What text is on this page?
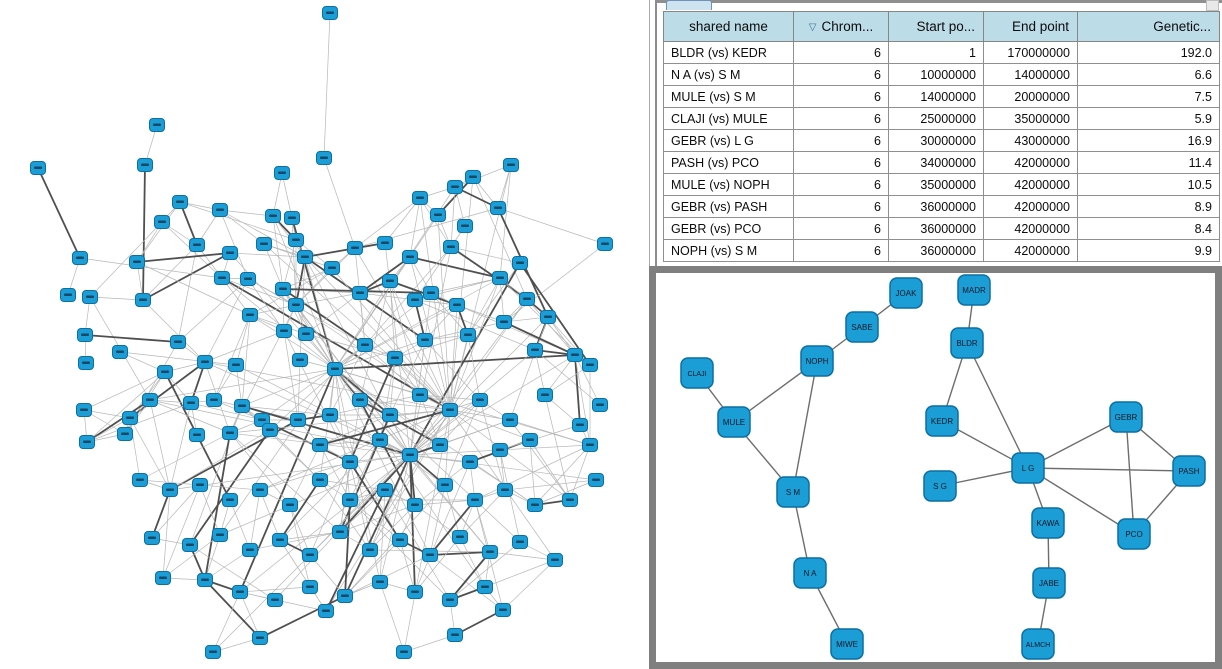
shared name	▽ Chrom...	Start po...	End point	Genetic...
BLDR (vs) KEDR	6	1	170000000	192.0
N A (vs) S M	6	10000000	14000000	6.6
MULE (vs) S M	6	14000000	20000000	7.5
CLAJI (vs) MULE	6	25000000	35000000	5.9
GEBR (vs) L G	6	30000000	43000000	16.9
PASH (vs) PCO	6	34000000	42000000	11.4
MULE (vs) NOPH	6	35000000	42000000	10.5
GEBR (vs) PASH	6	36000000	42000000	8.9
GEBR (vs) PCO	6	36000000	42000000	8.4
NOPH (vs) S M	6	36000000	42000000	9.9
JOAK	MADR
SABE
BLDR
NOPH
CLAJI
GEBR
KEDR
MULE
L G	PASH
S G
S M
KAWA
PCO
N A
JABE
MIWE	ALMCH
